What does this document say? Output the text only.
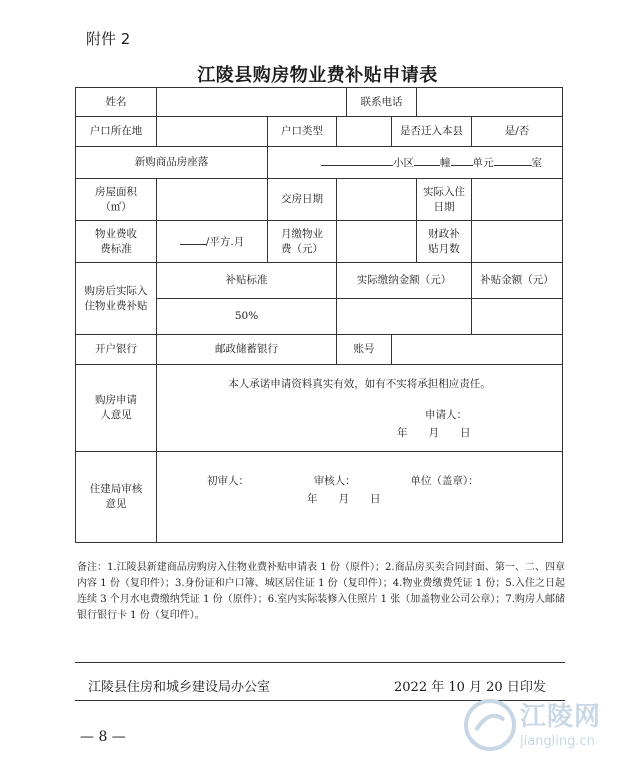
附件 2
江陵县购房物业费补贴申请表
姓名				联系电话			
户口所在地		户口类型			是否迁入本县		是/否
新购商品房座落		小区 幢 单元 室					
房屋面积（㎡）		交房日期				实际入住日期	
物业费收费标准	/平方.月	月缴物业费（元）				财政补贴月数	
购房后实际入住物业费补贴	补贴标准		实际缴纳金额（元）				补贴金额（元）
	50%						
开户银行	邮政储蓄银行		账号				
购房申请人意见	本人承诺申请资料真实有效，如有不实将承担相应责任。
申请人：
年　　月　　日						

住建局审核意见	初审人： 审核人： 单位（盖章）：
年　　月　　日						
备注：1.江陵县新建商品房购房入住物业费补贴申请表 1 份（原件）；2.商品房买卖合同封面、第一、二、四章内容 1 份（复印件）；3.身份证和户口簿、城区居住证 1 份（复印件）；4.物业费缴费凭证 1 份；5.入住之日起连续 3 个月水电费缴纳凭证 1 份（原件）；6.室内实际装修入住照片 1 张（加盖物业公司公章）；7.购房人邮储银行银行卡 1 份（复印件）。
江陵县住房和城乡建设局办公室	2022 年 10 月 20 日印发
— 8 —
江陵网
jiangling.cn
